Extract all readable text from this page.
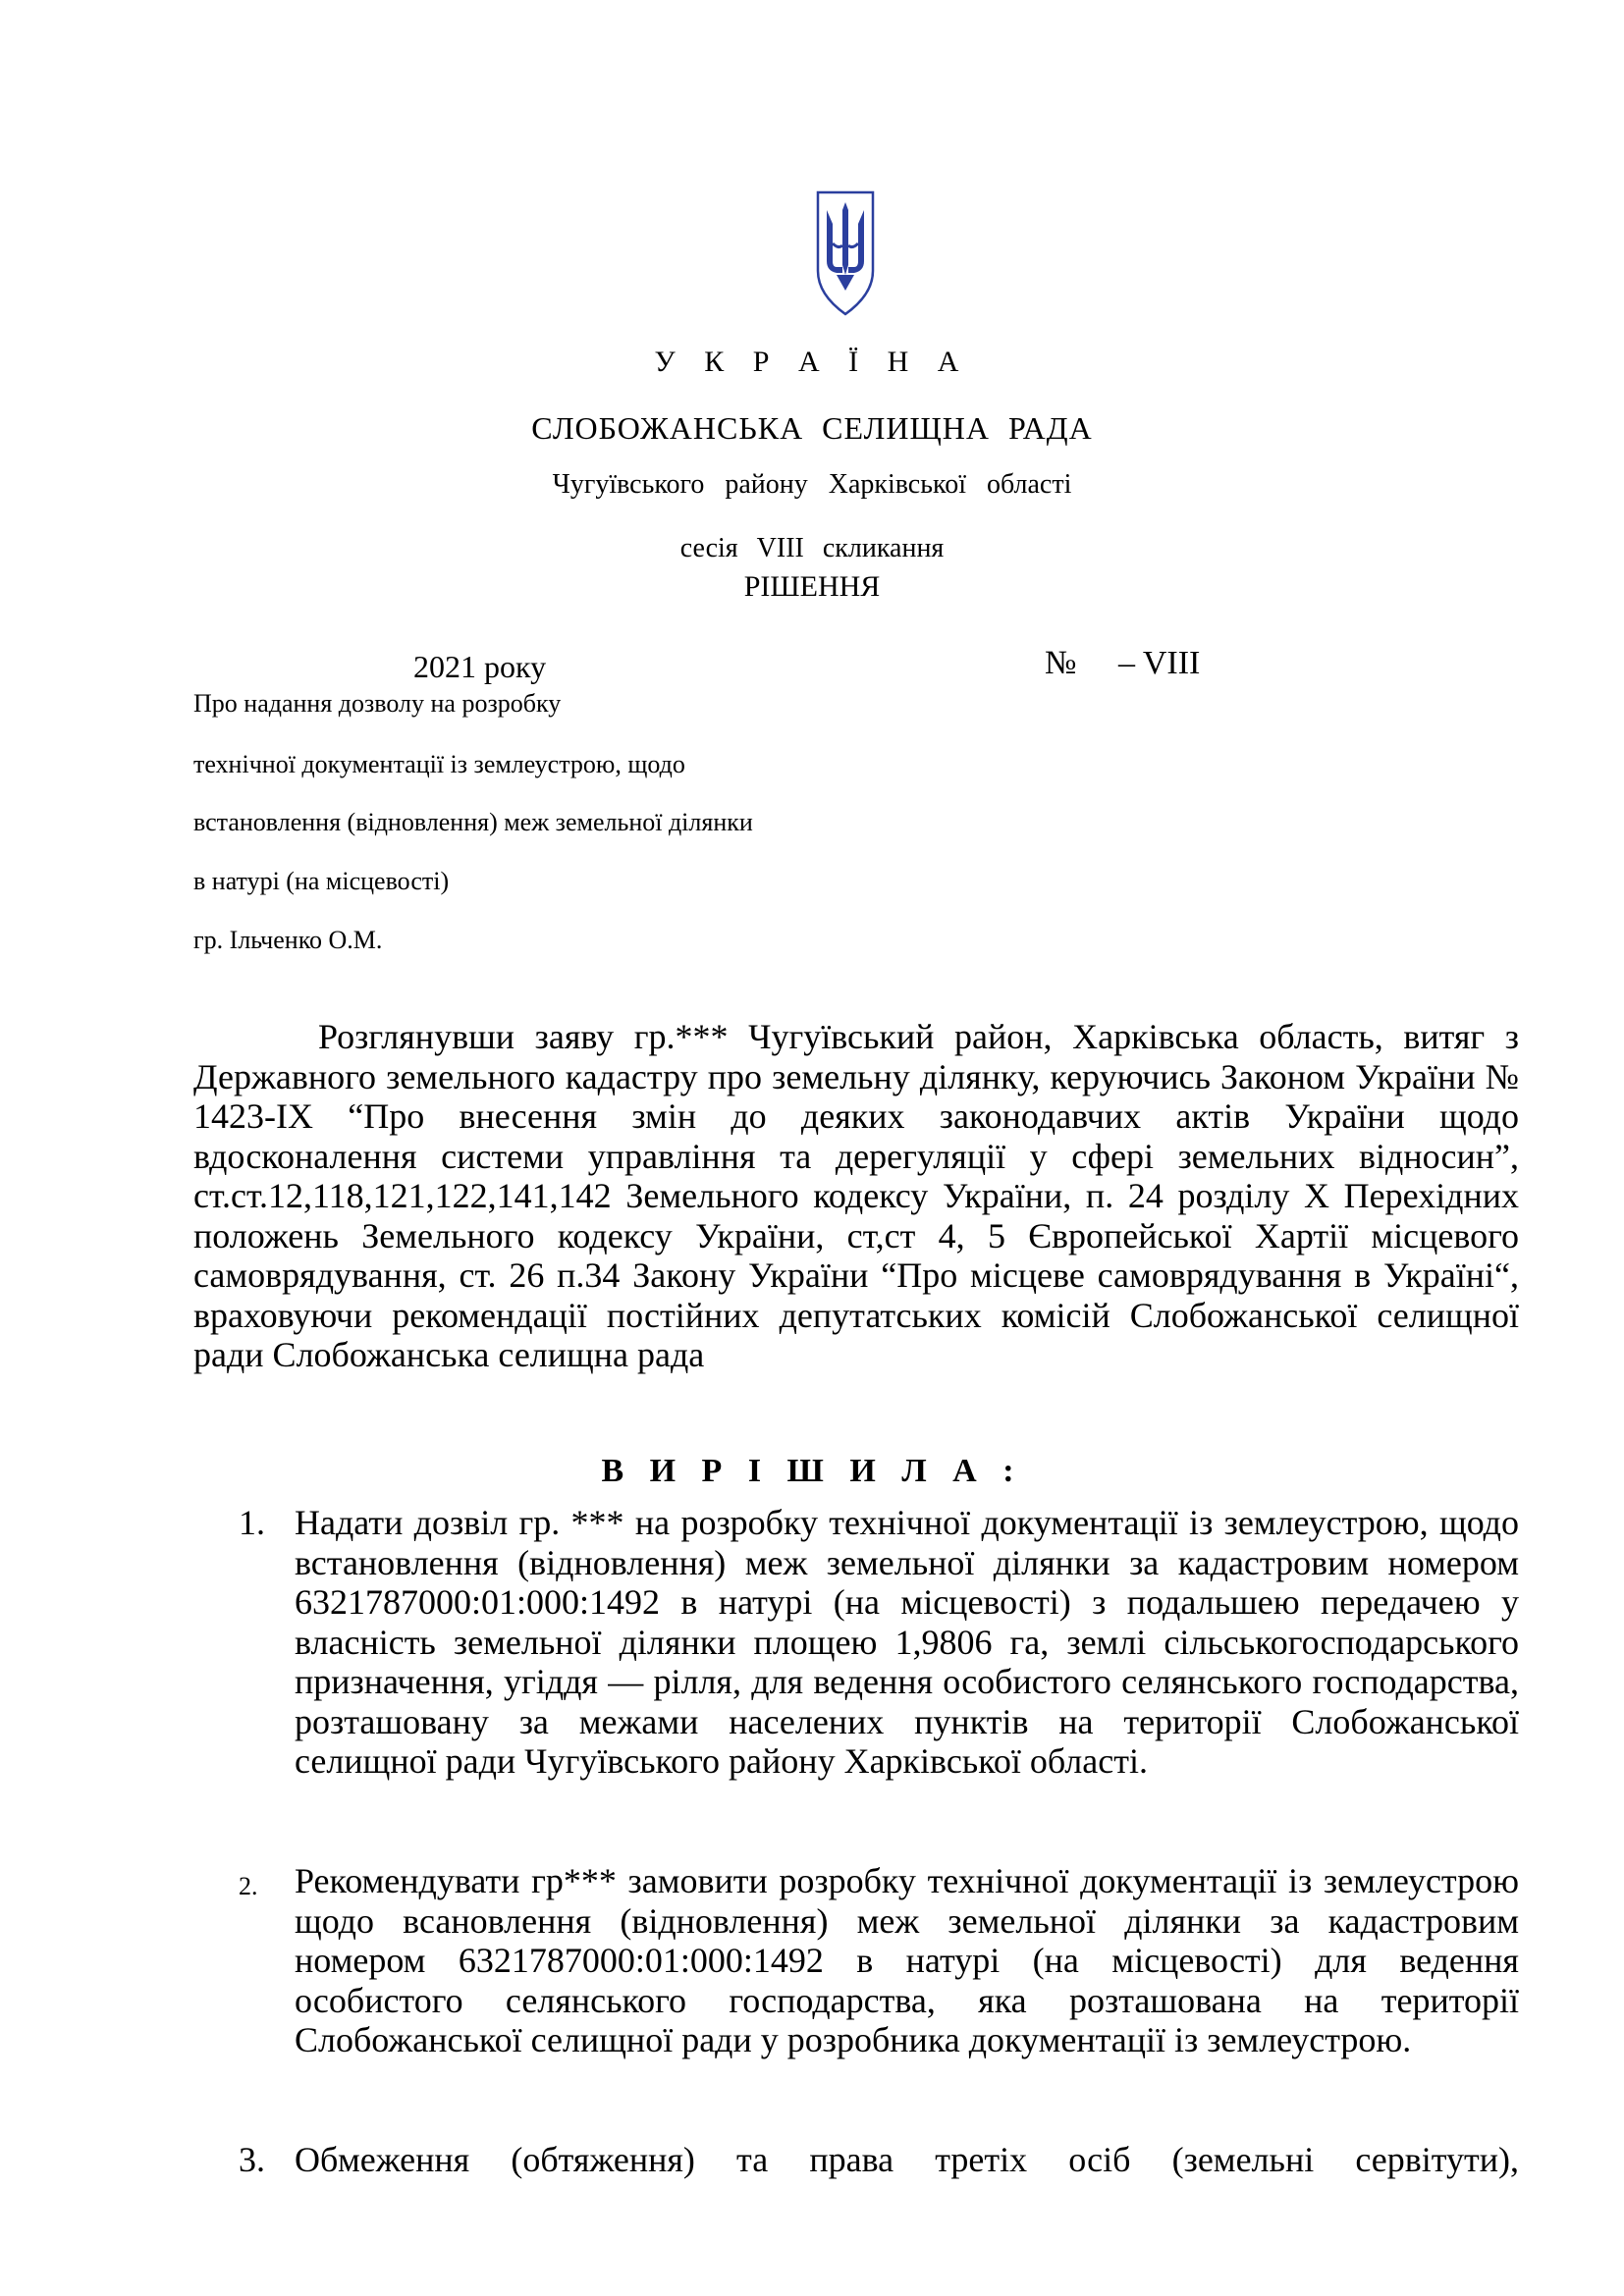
У К Р А Ї Н А
СЛОБОЖАНСЬКА СЕЛИЩНА РАДА
Чугуївського району Харківської області
сесія VIII скликання
РІШЕННЯ
2021 року	№     – VIII
Про надання дозволу на розробку
технічної документації із землеустрою, щодо
встановлення (відновлення) меж земельної ділянки
в натурі (на місцевості)
гр. Ільченко О.М.
Розглянувши заяву гр.*** Чугуївський район, Харківська область, витяг з Державного земельного кадастру про земельну ділянку, керуючись Законом України № 1423-IX “Про внесення змін до деяких законодавчих актів України щодо вдосконалення системи управління та дерегуляції у сфері земельних відносин”, ст.ст.12,118,121,122,141,142 Земельного кодексу України, п. 24 розділу Х Перехідних положень Земельного кодексу України, ст,ст 4, 5 Європейської Хартії місцевого самоврядування, ст. 26 п.34 Закону України “Про місцеве самоврядування в Україні“, враховуючи рекомендації постійних депутатських комісій Слобожанської селищної ради Слобожанська селищна рада
В И Р І Ш И Л А :
1. Надати дозвіл гр. *** на розробку технічної документації із землеустрою, щодо встановлення (відновлення) меж земельної ділянки за кадастровим номером 6321787000:01:000:1492 в натурі (на місцевості) з подальшею передачею у власність земельної ділянки площею 1,9806 га, землі сільськогосподарського призначення, угіддя — рілля, для ведення особистого селянського господарства, розташовану за межами населених пунктів на території Слобожанської селищної ради Чугуївського району Харківської області.
2. Рекомендувати гр*** замовити розробку технічної документації із землеустрою щодо всановлення (відновлення) меж земельної ділянки за кадастровим номером 6321787000:01:000:1492 в натурі (на місцевості) для ведення особистого селянського господарства, яка розташована на території Слобожанської селищної ради у розробника документації із землеустрою.
3. Обмеження (обтяження) та права третіх осіб (земельні сервітути),
